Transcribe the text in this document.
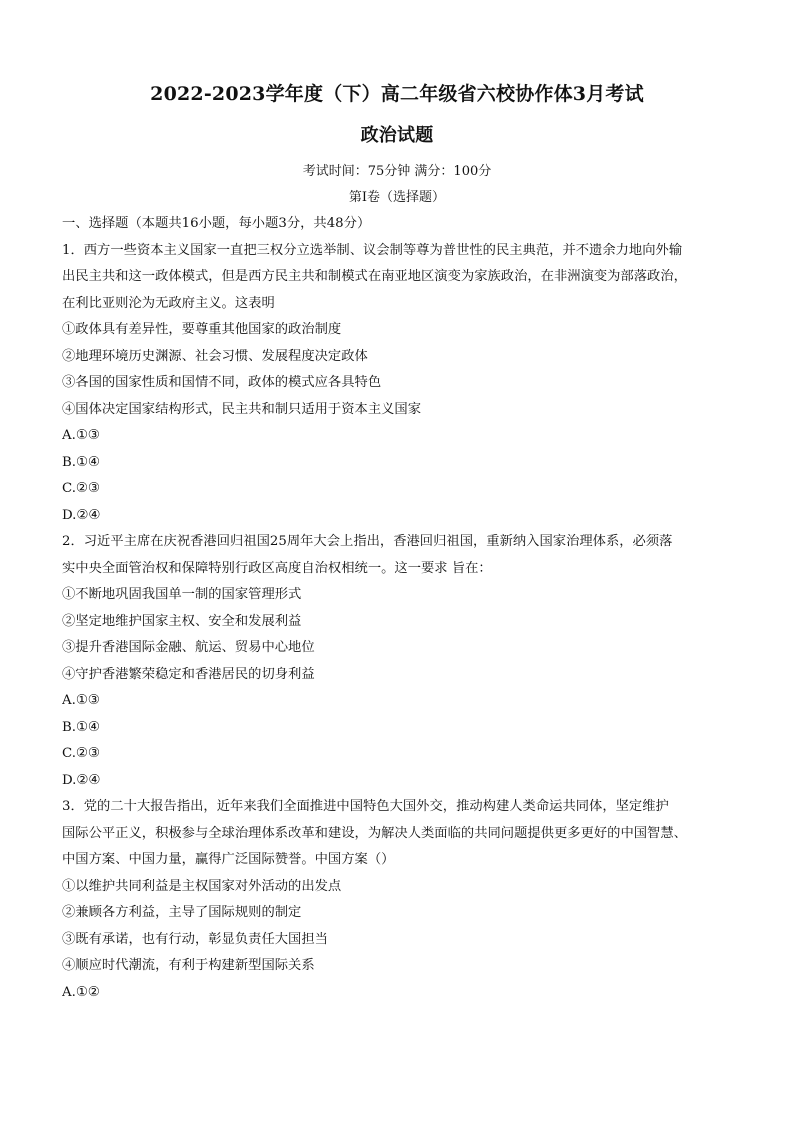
2022-2023学年度（下）高二年级省六校协作体3月考试
政治试题
考试时间：75分钟 满分：100分
第Ⅰ卷（选择题）
一、选择题（本题共16小题，每小题3分，共48分）
1．西方一些资本主义国家一直把三权分立选举制、议会制等尊为普世性的民主典范，并不遗余力地向外输
出民主共和这一政体模式，但是西方民主共和制模式在南亚地区演变为家族政治，在非洲演变为部落政治，
在利比亚则沦为无政府主义。这表明
①政体具有差异性，要尊重其他国家的政治制度
②地理环境历史渊源、社会习惯、发展程度决定政体
③各国的国家性质和国情不同，政体的模式应各具特色
④国体决定国家结构形式，民主共和制只适用于资本主义国家
A.①③
B.①④
C.②③
D.②④
2．习近平主席在庆祝香港回归祖国25周年大会上指出，香港回归祖国，重新纳入国家治理体系，必须落
实中央全面管治权和保障特别行政区高度自治权相统一。这一要求 旨在：
①不断地巩固我国单一制的国家管理形式
②坚定地维护国家主权、安全和发展利益
③提升香港国际金融、航运、贸易中心地位
④守护香港繁荣稳定和香港居民的切身利益
A.①③
B.①④
C.②③
D.②④
3．党的二十大报告指出，近年来我们全面推进中国特色大国外交，推动构建人类命运共同体，坚定维护
国际公平正义，积极参与全球治理体系改革和建设，为解决人类面临的共同问题提供更多更好的中国智慧、
中国方案、中国力量，赢得广泛国际赞誉。中国方案（）
①以维护共同利益是主权国家对外活动的出发点
②兼顾各方利益，主导了国际规则的制定
③既有承诺，也有行动，彰显负责任大国担当
④顺应时代潮流，有利于构建新型国际关系
A.①②
